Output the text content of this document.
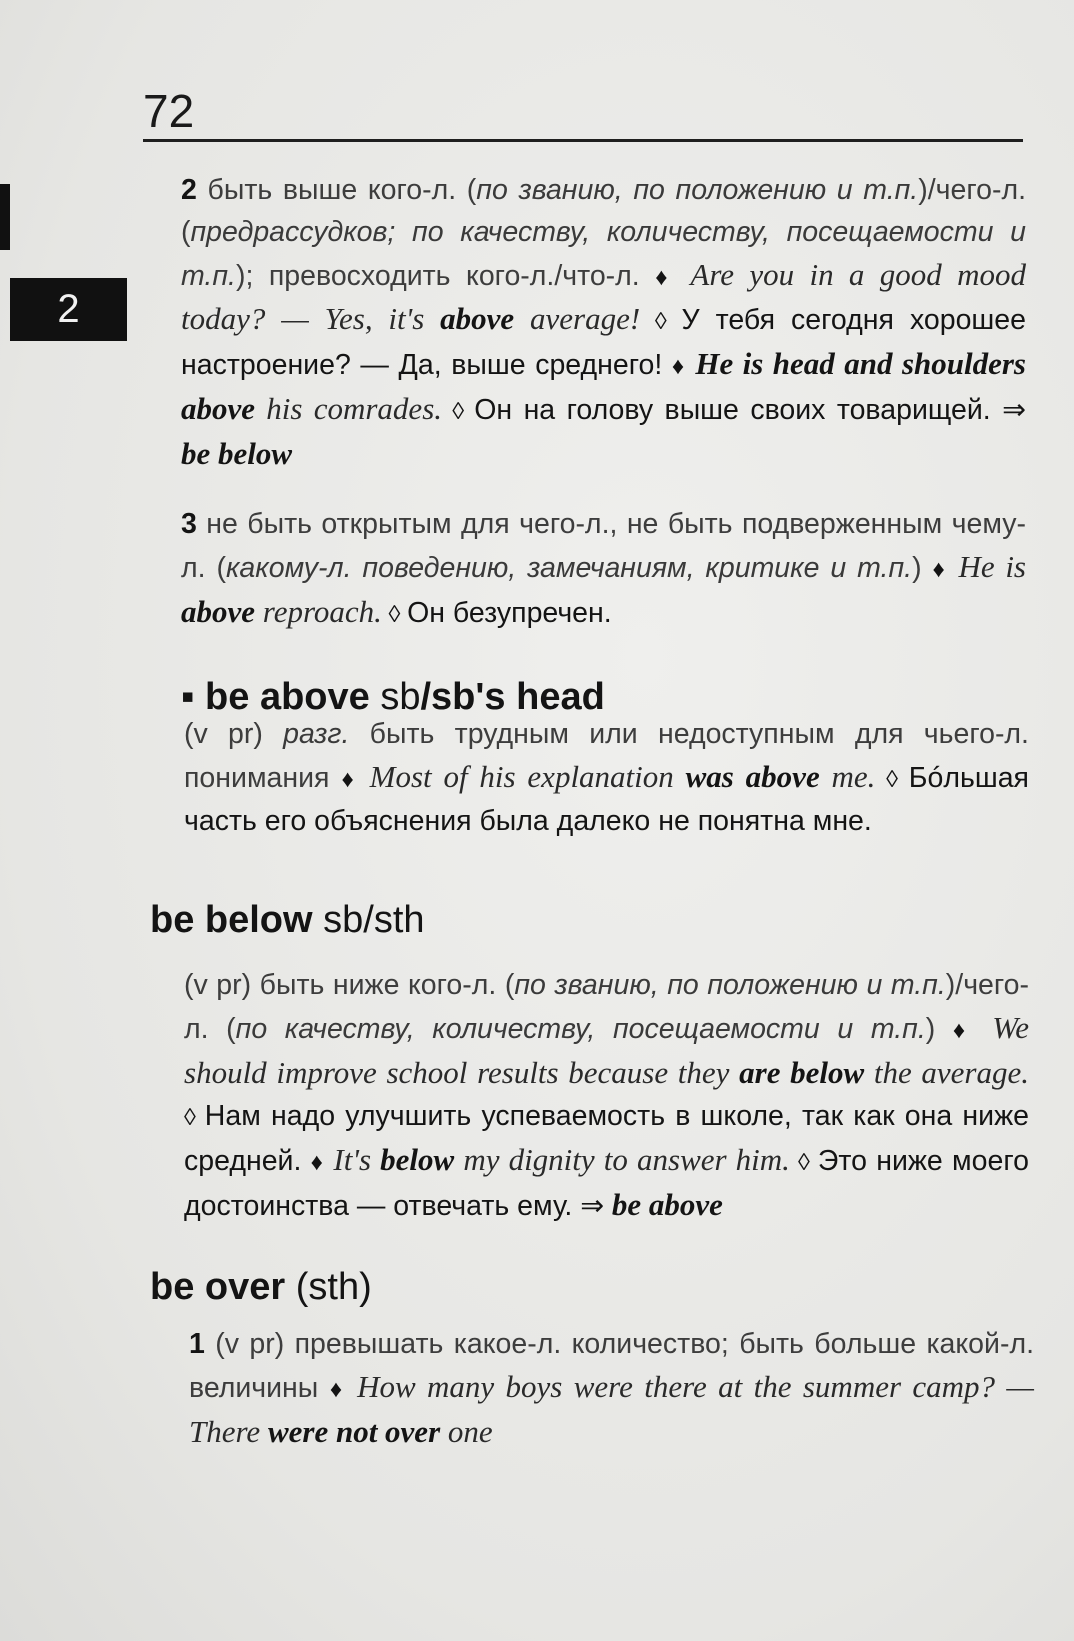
72
2
2 быть выше кого-л. (по званию, по положению и т.п.)/чего-л. (предрассудков; по качеству, количеству, посещаемости и т.п.); превосходить кого-л./что-л. ♦ Are you in a good mood today? — Yes, it's above average! ◊ У тебя сегодня хорошее настроение? — Да, выше среднего! ♦ He is head and shoulders above his comrades. ◊ Он на голову выше своих товарищей. ⇒ be below
3 не быть открытым для чего-л., не быть подверженным чему-л. (какому-л. поведению, замечаниям, критике и т.п.) ♦ He is above reproach. ◊ Он безупречен.
▪ be above sb/sb's head
(v pr) разг. быть трудным или недоступным для чьего-л. понимания ♦ Most of his explanation was above me. ◊ Бóльшая часть его объяснения была далеко не понятна мне.
be below sb/sth
(v pr) быть ниже кого-л. (по званию, по положению и т.п.)/чего-л. (по качеству, количеству, посещаемости и т.п.) ♦ We should improve school results because they are below the average. ◊ Нам надо улучшить успеваемость в школе, так как она ниже средней. ♦ It's below my dignity to answer him. ◊ Это ниже моего достоинства — отвечать ему. ⇒ be above
be over (sth)
1 (v pr) превышать какое-л. количество; быть больше какой-л. величины ♦ How many boys were there at the summer camp? — There were not over one
